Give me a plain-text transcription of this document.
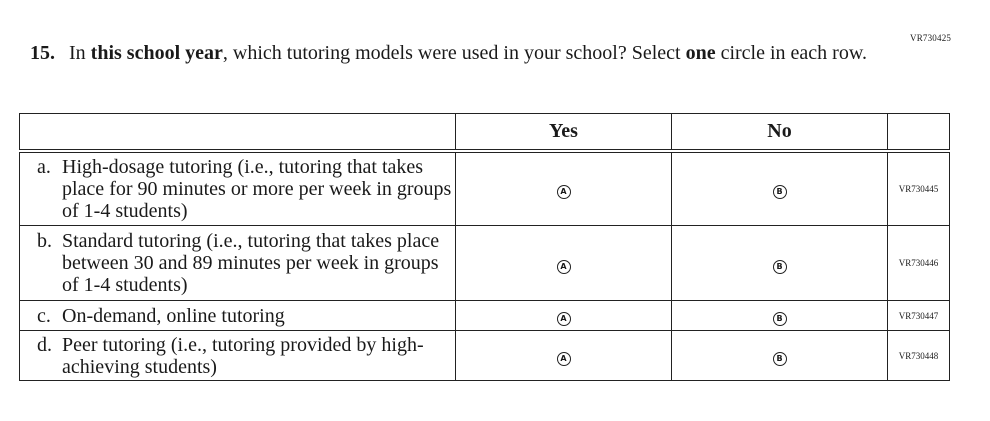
VR730425
15. In this school year, which tutoring models were used in your school? Select one circle in each row.
	Yes	No	

a. High-dosage tutoring (i.e., tutoring that takes place for 90 minutes or more per week in groups of 1-4 students)	A	B	VR730445

b. Standard tutoring (i.e., tutoring that takes place between 30 and 89 minutes per week in groups of 1-4 students)	A	B	VR730446

c. On-demand, online tutoring	A	B	VR730447

d. Peer tutoring (i.e., tutoring provided by high-achieving students)	A	B	VR730448
